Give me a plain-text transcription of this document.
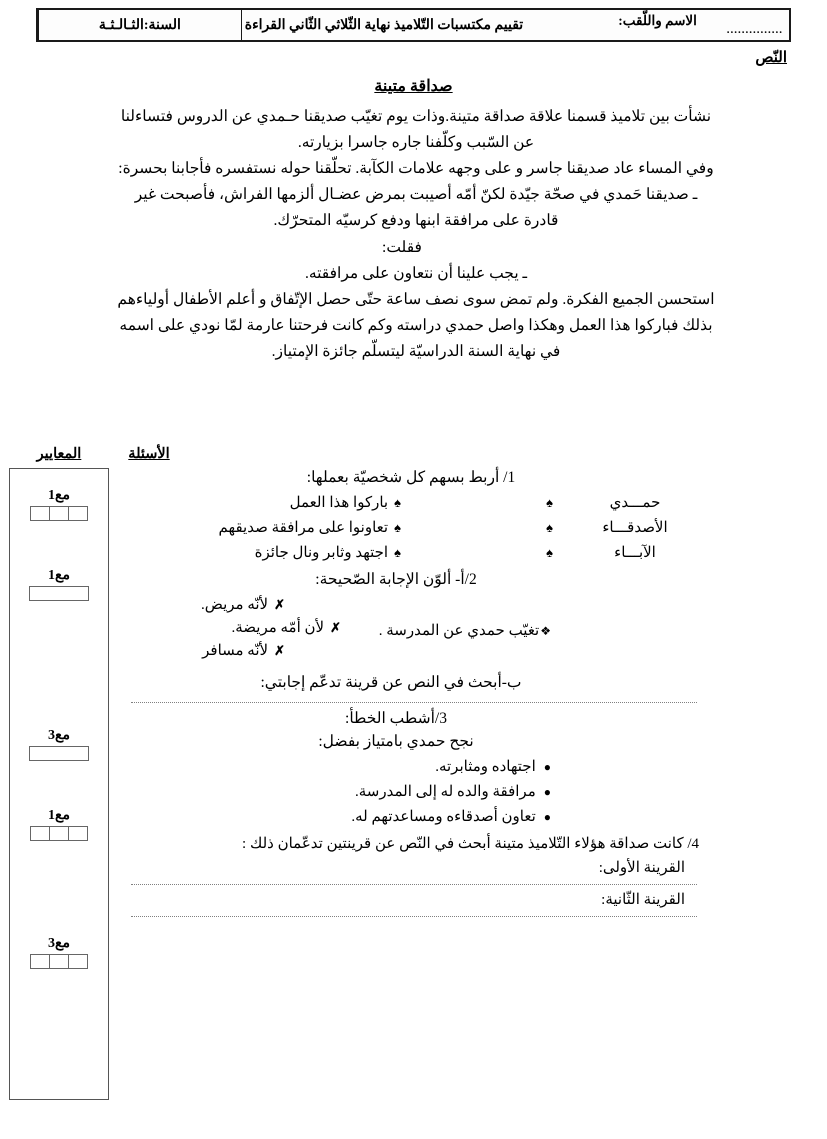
الاسم واللّقب:
...............
تقييم مكتسبات التّلاميذ نهاية الثّلاثي الثّاني القراءة
السنة:الثـالـثـة
النّص
صداقة متينة

نشأت بين تلاميذ قسمنا علاقة صداقة متينة.وذات يوم تغيّب صديقنا حـمدي عن الدروس فتساءلنا

عن السّبب وكلّفنا جاره جاسرا بزيارته.

وفي المساء عاد صديقنا جاسر و على وجهه علامات الكآبة. تحلّقنا حوله نستفسره فأجابنا بحسرة:

ـ صديقنا حَمدي في صحّة جيّدة لكنّ أمّه أصيبت بمرض عضـال ألزمها الفراش، فأصبحت غير

قادرة على مرافقة ابنها ودفع كرسيّه المتحرّك.

فقلت:

ـ يجب علينا أن نتعاون على مرافقته.

استحسن الجميع الفكرة. ولم تمض سوى نصف ساعة حتّى حصل الإتّفاق و أعلم الأطفال أولياءهم

بذلك فباركوا هذا العمل وهكذا واصل حمدي دراسته وكم كانت فرحتنا عارمة لمّا نودي على اسمه

في نهاية السنة الدراسيّة ليتسلّم جائزة الإمتياز.

المعايير	الأسئلة
مع1
مع1
مع3
مع1
مع3
1/ أربط بسهم كل شخصيّة بعملها:
حمـــدي
♠
الأصدقـــاء
♠
الآبـــاء
♠
♠
باركوا هذا العمل
♠
تعاونوا على مرافقة صديقهم
♠
اجتهد وثابر ونال جائزة
2/أ- ألوّن الإجابة الصّحيحة:
❖تغيّب حمدي عن المدرسة .
✗
لأنّه مريض.
✗
لأن أمّه مريضة.
✗
لأنّه مسافر
ب-أبحث في النص عن قرينة تدعّم إجابتي:
3/أشطب الخطأ:
نجح حمدي بامتياز بفضل:
●اجتهاده ومثابرته.
●مرافقة والده له إلى المدرسة.
●تعاون أصدقاءه ومساعدتهم له.
4/ كانت صداقة هؤلاء التّلاميذ متينة أبحث في النّص عن قرينتين تدعّمان ذلك :
القرينة الأولى:
القرينة الثّانية:
